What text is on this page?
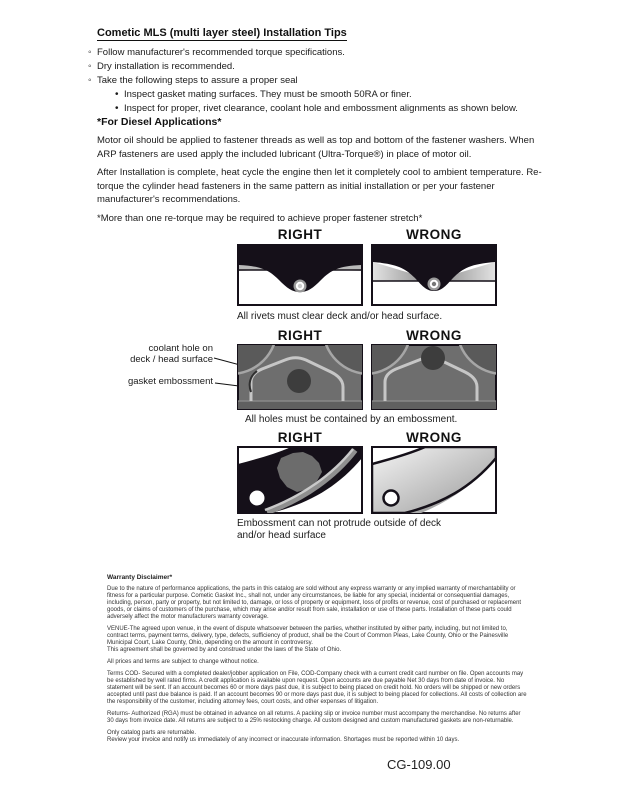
Cometic MLS (multi layer steel) Installation Tips
◦
Follow manufacturer's recommended torque specifications.
◦
Dry installation is recommended.
◦
Take the following steps to assure a proper seal
•
Inspect gasket mating surfaces. They must be smooth 50RA or finer.
•
Inspect for proper, rivet clearance, coolant hole and embossment alignments as shown below.
*For Diesel Applications*

Motor oil should be applied to fastener threads as well as top and bottom of the fastener washers. When ARP fasteners are used apply the included lubricant (Ultra-Torque®) in place of motor oil.

After Installation is complete, heat cycle the engine then let it completely cool to ambient temperature. Re-torque the cylinder head fasteners in the same pattern as initial installation or per your fastener manufacturer's recommendations.

*More than one re-torque may be required to achieve proper fastener stretch*

RIGHT	WRONG
All rivets must clear deck and/or head surface.
RIGHT	WRONG
coolant hole on
deck / head surface
gasket embossment
All holes must be contained by an embossment.
RIGHT	WRONG
Embossment can not protrude outside of deck
and/or head surface
Warranty Disclaimer*

Due to the nature of performance applications, the parts in this catalog are sold without any express warranty or any implied warranty of merchantability or fitness for a particular purpose. Cometic Gasket Inc., shall not, under any circumstances, be liable for any special, incidental or consequential damages, including, person, party or property, but not limited to, damage, or loss of property or equipment, loss of profits or revenue, cost of purchased or replacement goods, or claims of customers of the purchase, which may arise and/or result from sale, installation or use of these parts. Installation of these parts could adversely affect the motor manufacturers warranty coverage.

VENUE-The agreed upon venue, in the event of dispute whatsoever between the parties, whether instituted by either party, including, but not limited to, contract terms, payment terms, delivery, type, defects, sufficiency of product, shall be the Court of Common Pleas, Lake County, Ohio or the Painesville Municipal Court, Lake County, Ohio, depending on the amount in controversy.

This agreement shall be governed by and construed under the laws of the State of Ohio.

All prices and terms are subject to change without notice.

Terms COD- Secured with a completed dealer/jobber application on File, COD-Company check with a current credit card number on file. Open accounts may be established by well rated firms. A credit application is available upon request. Open accounts are due payable Net 30 days from date of invoice. No statement will be sent. If an account becomes 60 or more days past due, it is subject to being placed on credit hold. No orders will be shipped or new orders accepted until past due balance is paid. If an account becomes 90 or more days past due, it is subject to being placed for collections. All costs of collection are the responsibility of the customer, including attorney fees, court costs, and other expenses of litigation.

Returns- Authorized (RGA) must be obtained in advance on all returns. A packing slip or invoice number must accompany the merchandise. No returns after 30 days from invoice date. All returns are subject to a 25% restocking charge. All custom designed and custom manufactured gaskets are non-returnable.

Only catalog parts are returnable.

Review your invoice and notify us immediately of any incorrect or inaccurate information. Shortages must be reported within 10 days.

CG-109.00
